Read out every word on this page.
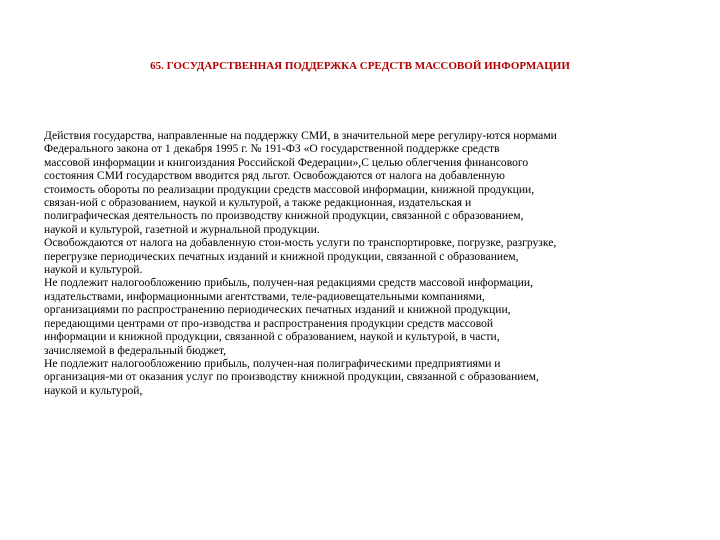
65. ГОСУДАРСТВЕННАЯ ПОДДЕРЖКА СРЕДСТВ МАССОВОЙ ИНФОРМАЦИИ

Действия государства, направленные на поддержку СМИ, в значительной мере регулиру-ются нормами
Федерального закона от 1 декабря 1995 г. № 191-ФЗ «О государственной поддержке средств
массовой информации и книгоиздания Российской Федерации»,С целью облегчения финансового
состояния СМИ государством вводится ряд льгот. Освобождаются от налога на добавленную
стоимость обороты по реализации продукции средств массовой информации, книжной продукции,
связан-ной с образованием, наукой и культурой, а также редакционная, издательская и
полиграфическая деятельность по производству книжной продукции, связанной с образованием,
наукой и культурой, газетной и журнальной продукции.

Освобождаются от налога на добавленную стои-мость услуги по транспортировке, погрузке, разгрузке,
перегрузке периодических печатных изданий и книжной продукции, связанной с образованием,
наукой и культурой.

Не подлежит налогообложению прибыль, получен-ная редакциями средств массовой информации,
издательствами, информационными агентствами, теле-радиовещательными компаниями,
организациями по распространению периодических печатных изданий и книжной продукции,
передающими центрами от про-изводства и распространения продукции средств массовой
информации и книжной продукции, связанной с образованием, наукой и культурой, в части,
зачисляемой в федеральный бюджет,

Не подлежит налогообложению прибыль, получен-ная полиграфическими предприятиями и
организация-ми от оказания услуг по производству книжной продукции, связанной с образованием,
наукой и культурой,
